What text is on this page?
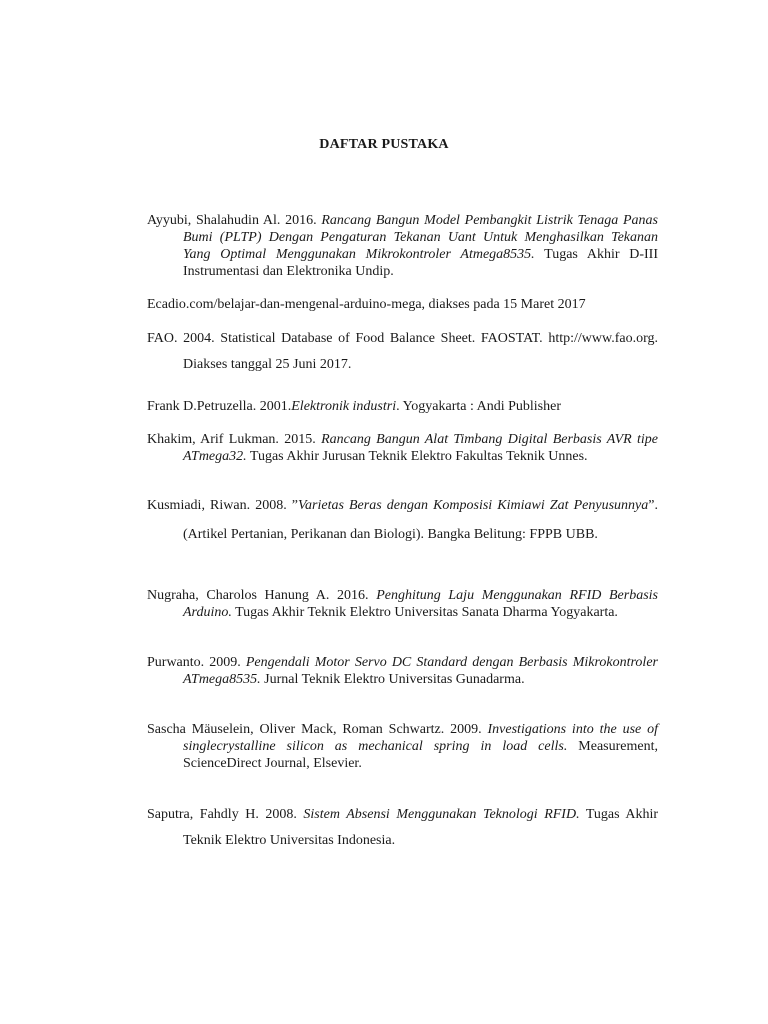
DAFTAR PUSTAKA

Ayyubi, Shalahudin Al. 2016. Rancang Bangun Model Pembangkit Listrik Tenaga Panas Bumi (PLTP) Dengan Pengaturan Tekanan Uant Untuk Menghasilkan Tekanan Yang Optimal Menggunakan Mikrokontroler Atmega8535. Tugas Akhir D-III Instrumentasi dan Elektronika Undip.

Ecadio.com/belajar-dan-mengenal-arduino-mega, diakses pada 15 Maret 2017

FAO. 2004. Statistical Database of Food Balance Sheet. FAOSTAT. http://www.fao.org. Diakses tanggal 25 Juni 2017.

Frank D.Petruzella. 2001.Elektronik industri. Yogyakarta : Andi Publisher

Khakim, Arif Lukman. 2015. Rancang Bangun Alat Timbang Digital Berbasis AVR tipe ATmega32. Tugas Akhir Jurusan Teknik Elektro Fakultas Teknik Unnes.

Kusmiadi, Riwan. 2008. ”Varietas Beras dengan Komposisi Kimiawi Zat Penyusunnya”. (Artikel Pertanian, Perikanan dan Biologi). Bangka Belitung: FPPB UBB.

Nugraha, Charolos Hanung A. 2016. Penghitung Laju Menggunakan RFID Berbasis Arduino. Tugas Akhir Teknik Elektro Universitas Sanata Dharma Yogyakarta.

Purwanto. 2009. Pengendali Motor Servo DC Standard dengan Berbasis Mikrokontroler ATmega8535. Jurnal Teknik Elektro Universitas Gunadarma.

Sascha Mäuselein, Oliver Mack, Roman Schwartz. 2009. Investigations into the use of singlecrystalline silicon as mechanical spring in load cells. Measurement, ScienceDirect Journal, Elsevier.

Saputra, Fahdly H. 2008. Sistem Absensi Menggunakan Teknologi RFID. Tugas Akhir Teknik Elektro Universitas Indonesia.
